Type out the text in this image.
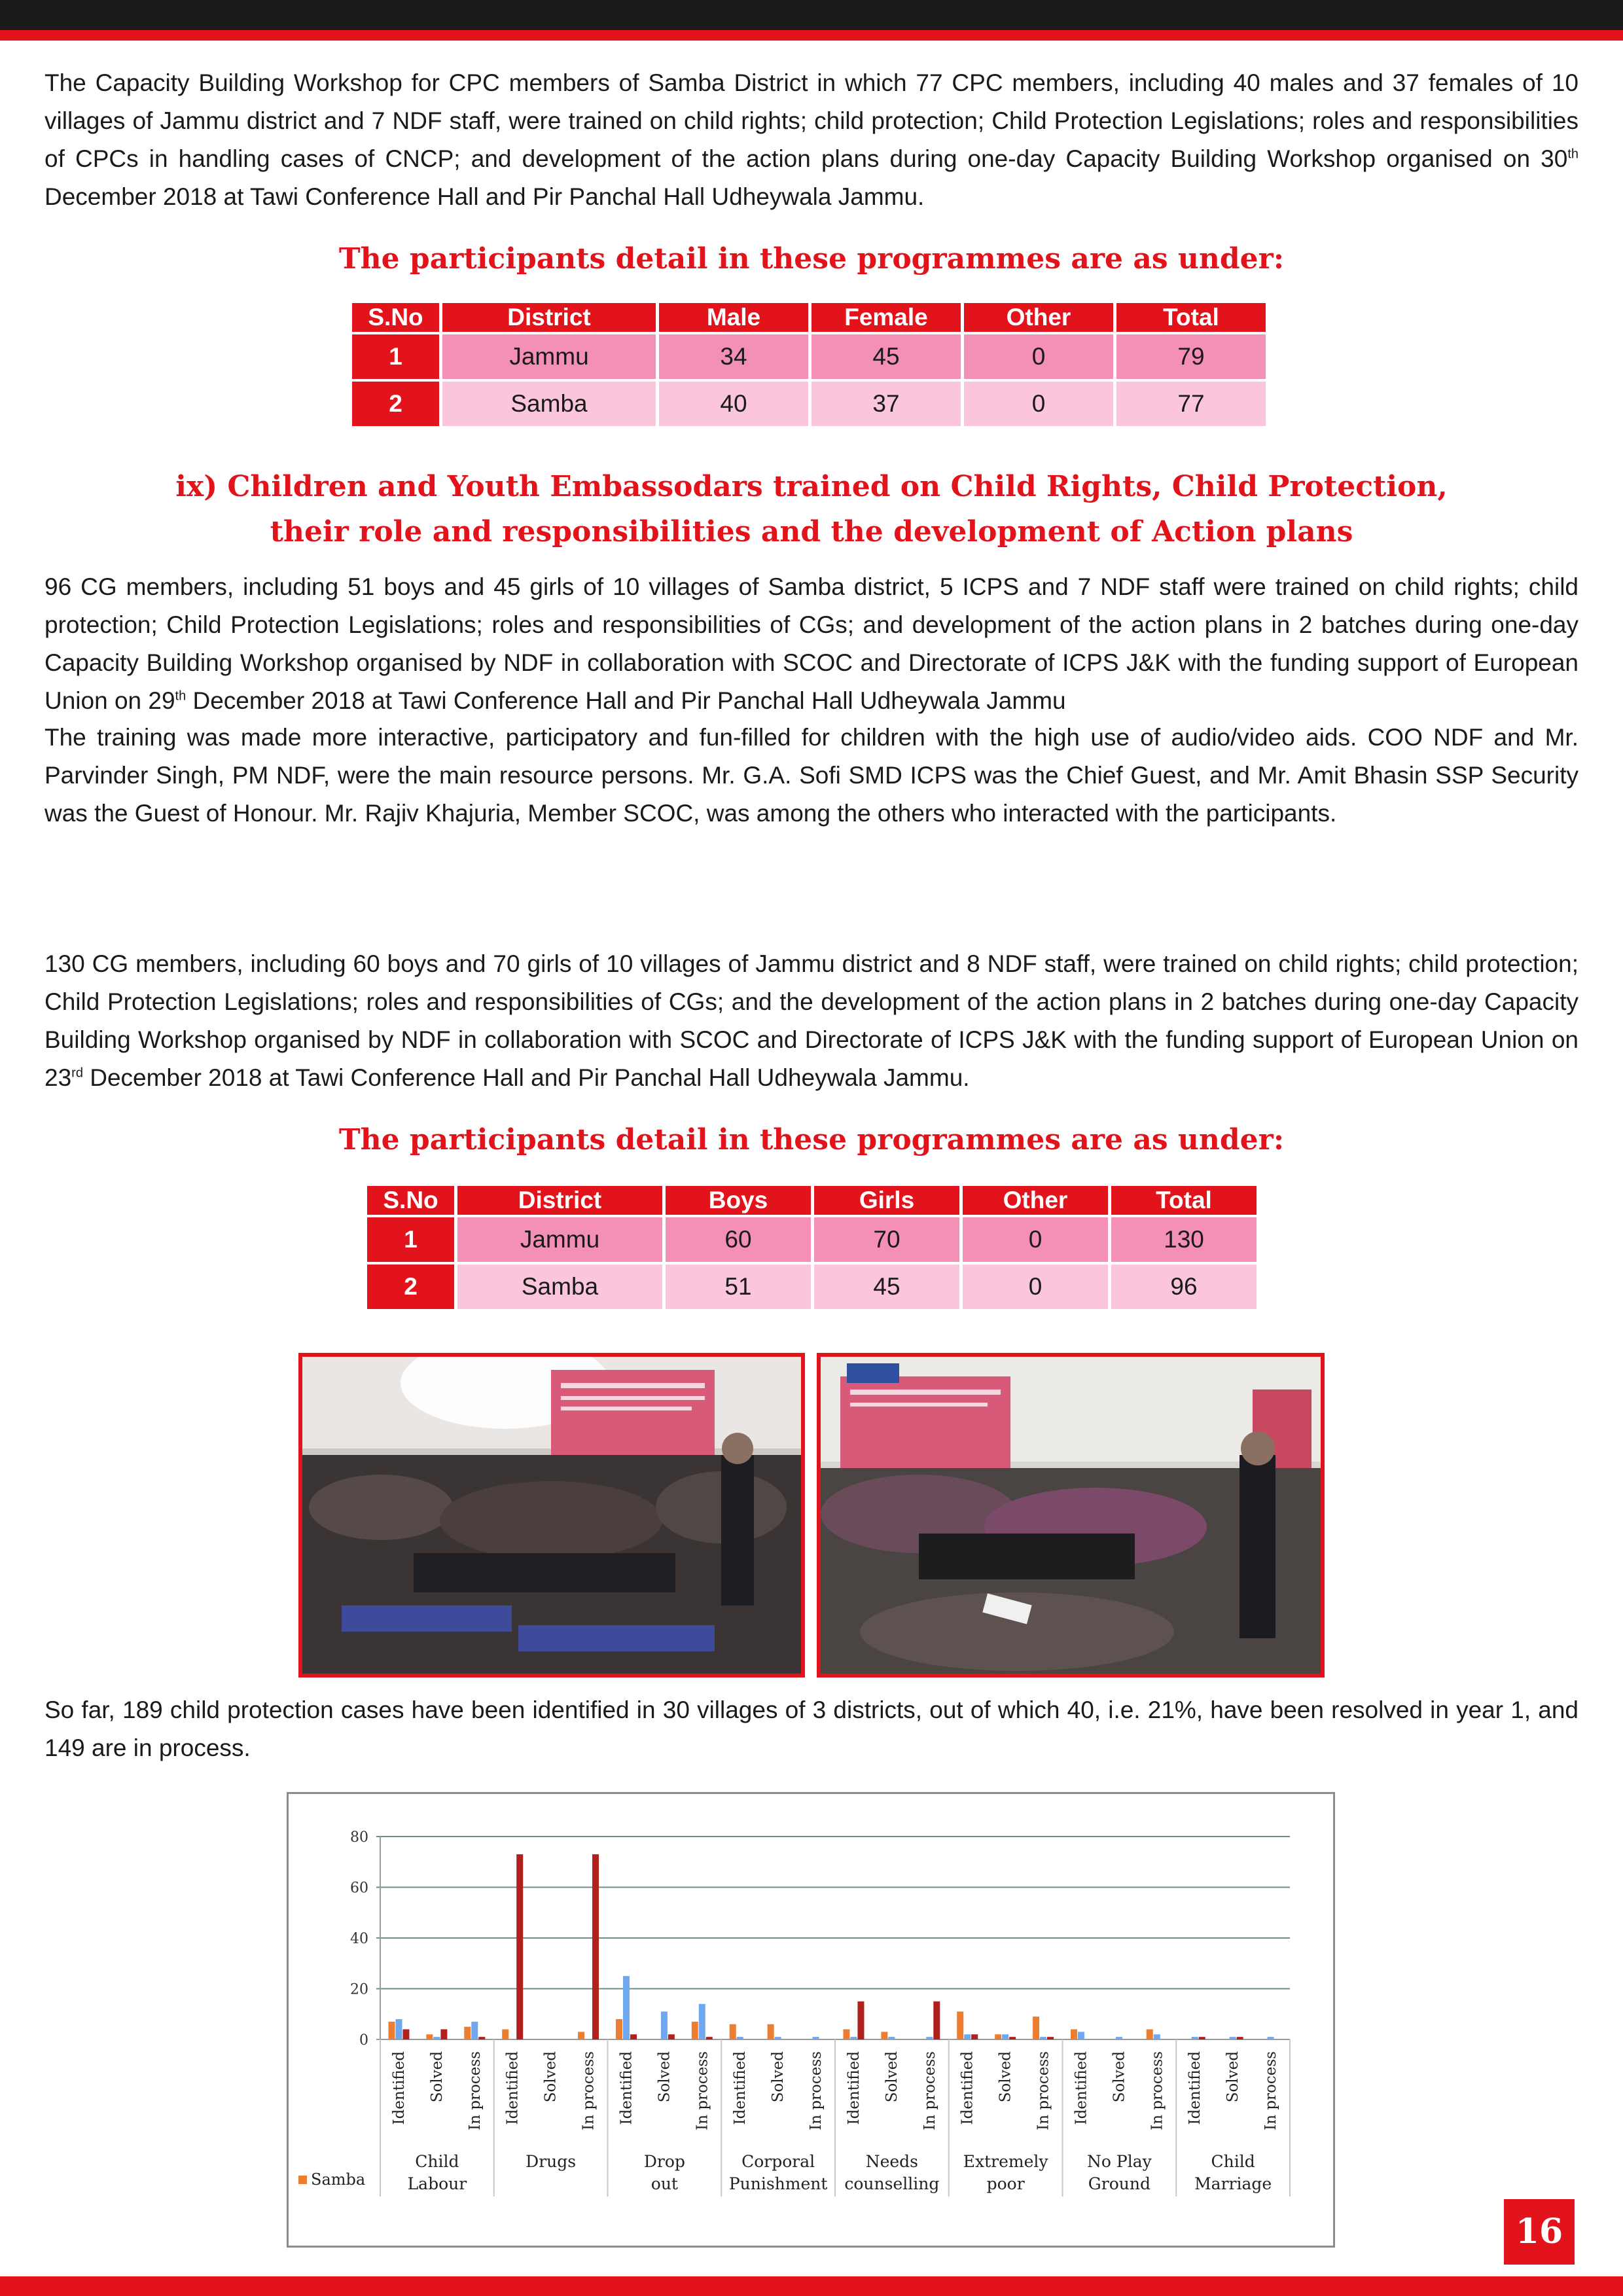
The Capacity Building Workshop for CPC members of Samba District in which 77 CPC members, including 40 males and 37 females of 10 villages of Jammu district and 7 NDF staff, were trained on child rights; child protection; Child Protection Legislations; roles and responsibilities of CPCs in handling cases of CNCP; and development of the action plans during one-day Capacity Building Workshop organised on 30th December 2018 at Tawi Conference Hall and Pir Panchal Hall Udheywala Jammu.

The participants detail in these programmes are as under:
S.No	District	Male	Female	Other	Total
1	Jammu	34	45	0	79
2	Samba	40	37	0	77
ix) Children and Youth Embassodars trained on Child Rights, Child Protection,
their role and responsibilities and the development of Action plans

96 CG members, including 51 boys and 45 girls of 10 villages of Samba district, 5 ICPS and 7 NDF staff were trained on child rights; child protection; Child Protection Legislations; roles and responsibilities of CGs; and development of the action plans in 2 batches during one-day Capacity Building Workshop organised by NDF in collaboration with SCOC and Directorate of ICPS J&K with the funding support of European Union on 29th December 2018 at Tawi Conference Hall and Pir Panchal Hall Udheywala Jammu

The training was made more interactive, participatory and fun-filled for children with the high use of audio/video aids. COO NDF and Mr. Parvinder Singh, PM NDF, were the main resource persons. Mr. G.A. Sofi SMD ICPS was the Chief Guest, and Mr. Amit Bhasin SSP Security was the Guest of Honour. Mr. Rajiv Khajuria, Member SCOC, was among the others who interacted with the participants.

130 CG members, including 60 boys and 70 girls of 10 villages of Jammu district and 8 NDF staff, were trained on child rights; child protection; Child Protection Legislations; roles and responsibilities of CGs; and the development of the action plans in 2 batches during one-day Capacity Building Workshop organised by NDF in collaboration with SCOC and Directorate of ICPS J&K with the funding support of European Union on 23rd December 2018 at Tawi Conference Hall and Pir Panchal Hall Udheywala Jammu.

The participants detail in these programmes are as under:
S.No	District	Boys	Girls	Other	Total
1	Jammu	60	70	0	130
2	Samba	51	45	0	96

So far, 189 child protection cases have been identified in 30 villages of 3 districts, out of which 40, i.e. 21%, have been resolved in year 1, and 149 are in process.

0
20
40
60
80
Identified Solved In process
Child
Labour
Identified Solved In process
Drugs
Identified Solved In process
Drop
out
Identified Solved In process
Corporal
Punishment
Identified Solved In process
Needs
counselling
Identified Solved In process
Extremely
poor
Identified Solved In process
No Play
Ground
Identified Solved In process
Child
Marriage
Samba
16
